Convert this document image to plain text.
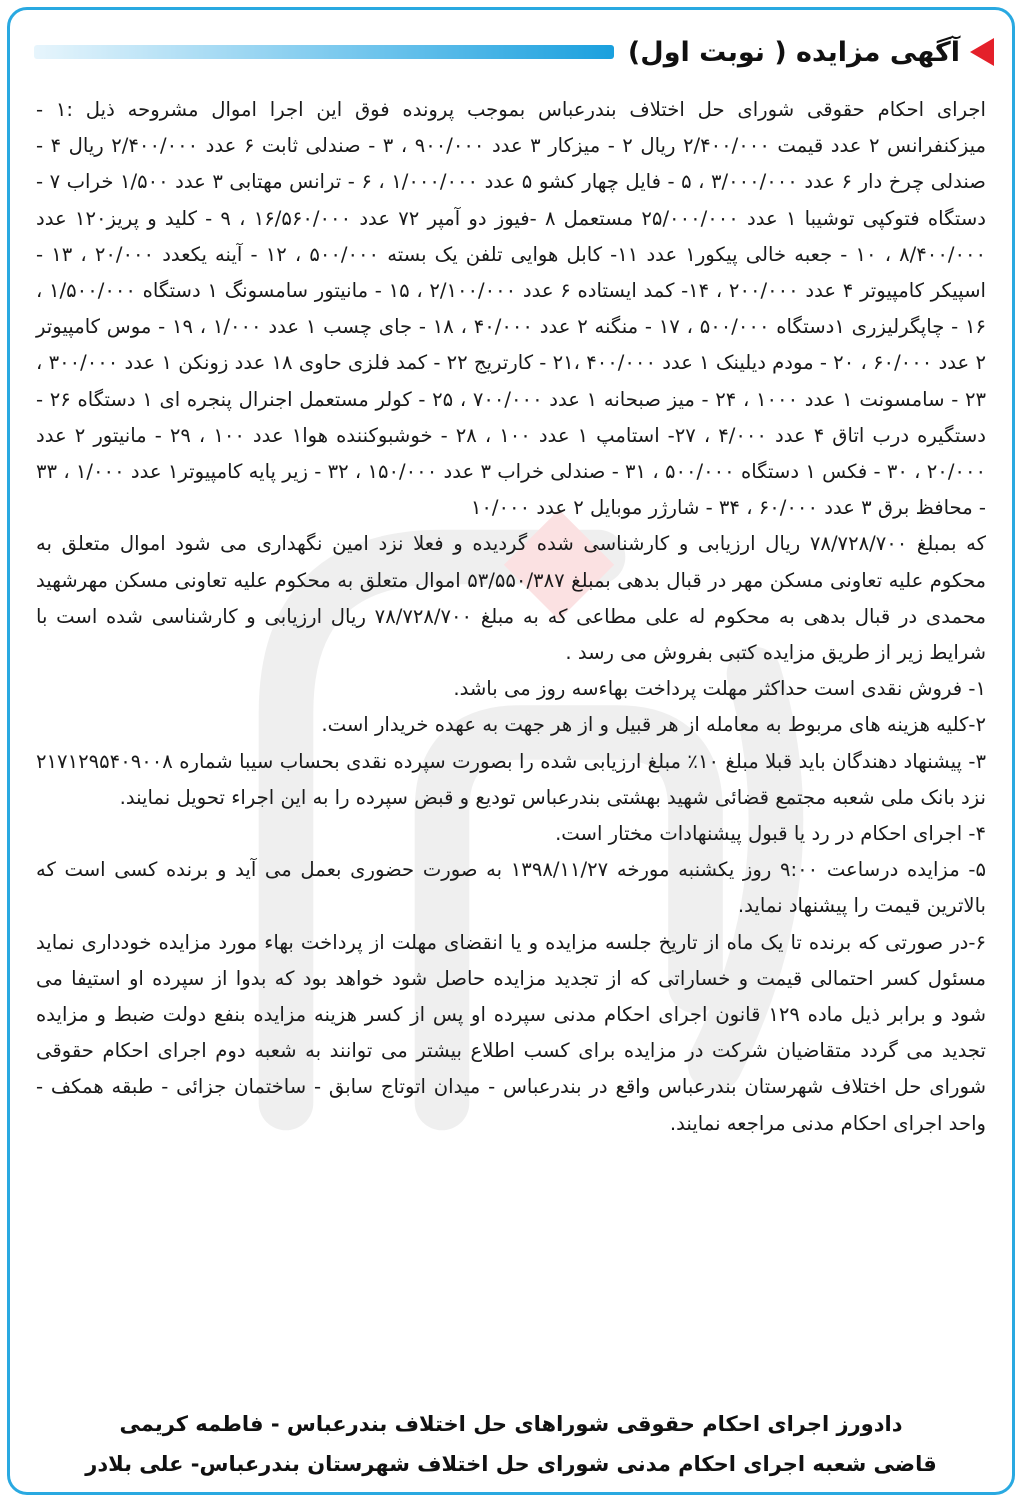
آگهی مزایده ( نوبت اول)

اجرای احکام حقوقی شورای حل اختلاف بندرعباس بموجب پرونده فوق این اجرا اموال مشروحه ذیل :۱ - میزکنفرانس ۲ عدد قیمت ۲/۴۰۰/۰۰۰ ریال ۲ - میزکار ۳ عدد ۹۰۰/۰۰۰ ، ۳ - صندلی ثابت ۶ عدد ۲/۴۰۰/۰۰۰ ریال ۴ - صندلی چرخ دار ۶ عدد ۳/۰۰۰/۰۰۰ ، ۵ - فایل چهار کشو ۵ عدد ۱/۰۰۰/۰۰۰ ، ۶ - ترانس مهتابی ۳ عدد ۱/۵۰۰ خراب ۷ - دستگاه فتوکپی توشیبا ۱ عدد ۲۵/۰۰۰/۰۰۰ مستعمل ۸ -فیوز دو آمپر ۷۲ عدد ۱۶/۵۶۰/۰۰۰ ، ۹ - کلید و پریز۱۲۰ عدد ۸/۴۰۰/۰۰۰ ، ۱۰ - جعبه خالی پیکور۱ عدد ۱۱- کابل هوایی تلفن یک بسته ۵۰۰/۰۰۰ ، ۱۲ - آینه یکعدد ۲۰/۰۰۰ ، ۱۳ - اسپیکر کامپیوتر ۴ عدد ۲۰۰/۰۰۰ ، ۱۴- کمد ایستاده ۶ عدد ۲/۱۰۰/۰۰۰ ، ۱۵ - مانیتور سامسونگ ۱ دستگاه ۱/۵۰۰/۰۰۰ ، ۱۶ - چاپگرلیزری ۱دستگاه ۵۰۰/۰۰۰ ، ۱۷ - منگنه ۲ عدد ۴۰/۰۰۰ ، ۱۸ - جای چسب ۱ عدد ۱/۰۰۰ ، ۱۹ - موس کامپیوتر ۲ عدد ۶۰/۰۰۰ ، ۲۰ - مودم دیلینک ۱ عدد ۴۰۰/۰۰۰ ،۲۱ - کارتریج ۲۲ - کمد فلزی حاوی ۱۸ عدد زونکن ۱ عدد ۳۰۰/۰۰۰ ، ۲۳ - سامسونت ۱ عدد ۱۰۰۰ ، ۲۴ - میز صبحانه ۱ عدد ۷۰۰/۰۰۰ ، ۲۵ - کولر مستعمل اجنرال پنجره ای ۱ دستگاه ۲۶ - دستگیره درب اتاق ۴ عدد ۴/۰۰۰ ، ۲۷- استامپ ۱ عدد ۱۰۰ ، ۲۸ - خوشبوکننده هوا۱ عدد ۱۰۰ ، ۲۹ - مانیتور ۲ عدد ۲۰/۰۰۰ ، ۳۰ - فکس ۱ دستگاه ۵۰۰/۰۰۰ ، ۳۱ - صندلی خراب ۳ عدد ۱۵۰/۰۰۰ ، ۳۲ - زیر پایه کامپیوتر۱ عدد ۱/۰۰۰ ، ۳۳ - محافظ برق ۳ عدد ۶۰/۰۰۰ ، ۳۴ - شارژر موبایل ۲ عدد ۱۰/۰۰۰

که بمبلغ ۷۸/۷۲۸/۷۰۰ ریال ارزیابی و کارشناسی شده گردیده و فعلا نزد امین نگهداری می شود اموال متعلق به محکوم علیه تعاونی مسکن مهر در قبال بدهی بمبلغ ۵۳/۵۵۰/۳۸۷ اموال متعلق به محکوم علیه تعاونی مسکن مهرشهید محمدی در قبال بدهی به محکوم له علی مطاعی که به مبلغ ۷۸/۷۲۸/۷۰۰ ریال ارزیابی و کارشناسی شده است با شرایط زیر از طریق مزایده کتبی بفروش می رسد .

۱- فروش نقدی است حداکثر مهلت پرداخت بهاءسه روز می باشد.

۲-کلیه هزینه های مربوط به معامله از هر قبیل و از هر جهت به عهده خریدار است.

۳- پیشنهاد دهندگان باید قبلا مبلغ ۱۰٪ مبلغ ارزیابی شده را بصورت سپرده نقدی بحساب سیبا شماره ۲۱۷۱۲۹۵۴۰۹۰۰۸ نزد بانک ملی شعبه مجتمع قضائی شهید بهشتی بندرعباس تودیع و قبض سپرده را به این اجراء تحویل نمایند.

۴- اجرای احکام در رد یا قبول پیشنهادات مختار است.

۵- مزایده درساعت ۹:۰۰ روز یکشنبه مورخه ۱۳۹۸/۱۱/۲۷ به صورت حضوری بعمل می آید و برنده کسی است که بالاترین قیمت را پیشنهاد نماید.

۶-در صورتی که برنده تا یک ماه از تاریخ جلسه مزایده و یا انقضای مهلت از پرداخت بهاء مورد مزایده خودداری نماید مسئول کسر احتمالی قیمت و خساراتی که از تجدید مزایده حاصل شود خواهد بود که بدوا از سپرده او استیفا می شود و برابر ذیل ماده ۱۲۹ قانون اجرای احکام مدنی سپرده او پس از کسر هزینه مزایده بنفع دولت ضبط و مزایده تجدید می گردد متقاضیان شرکت در مزایده برای کسب اطلاع بیشتر می توانند به شعبه دوم اجرای احکام حقوقی شورای حل اختلاف شهرستان بندرعباس واقع در بندرعباس - میدان اتوتاج سابق - ساختمان جزائی - طبقه همکف - واحد اجرای احکام مدنی مراجعه نمایند.

دادورز اجرای احکام حقوقی شوراهای حل اختلاف بندرعباس - فاطمه کریمی
قاضی شعبه اجرای احکام مدنی شورای حل اختلاف شهرستان بندرعباس- علی بلادر
